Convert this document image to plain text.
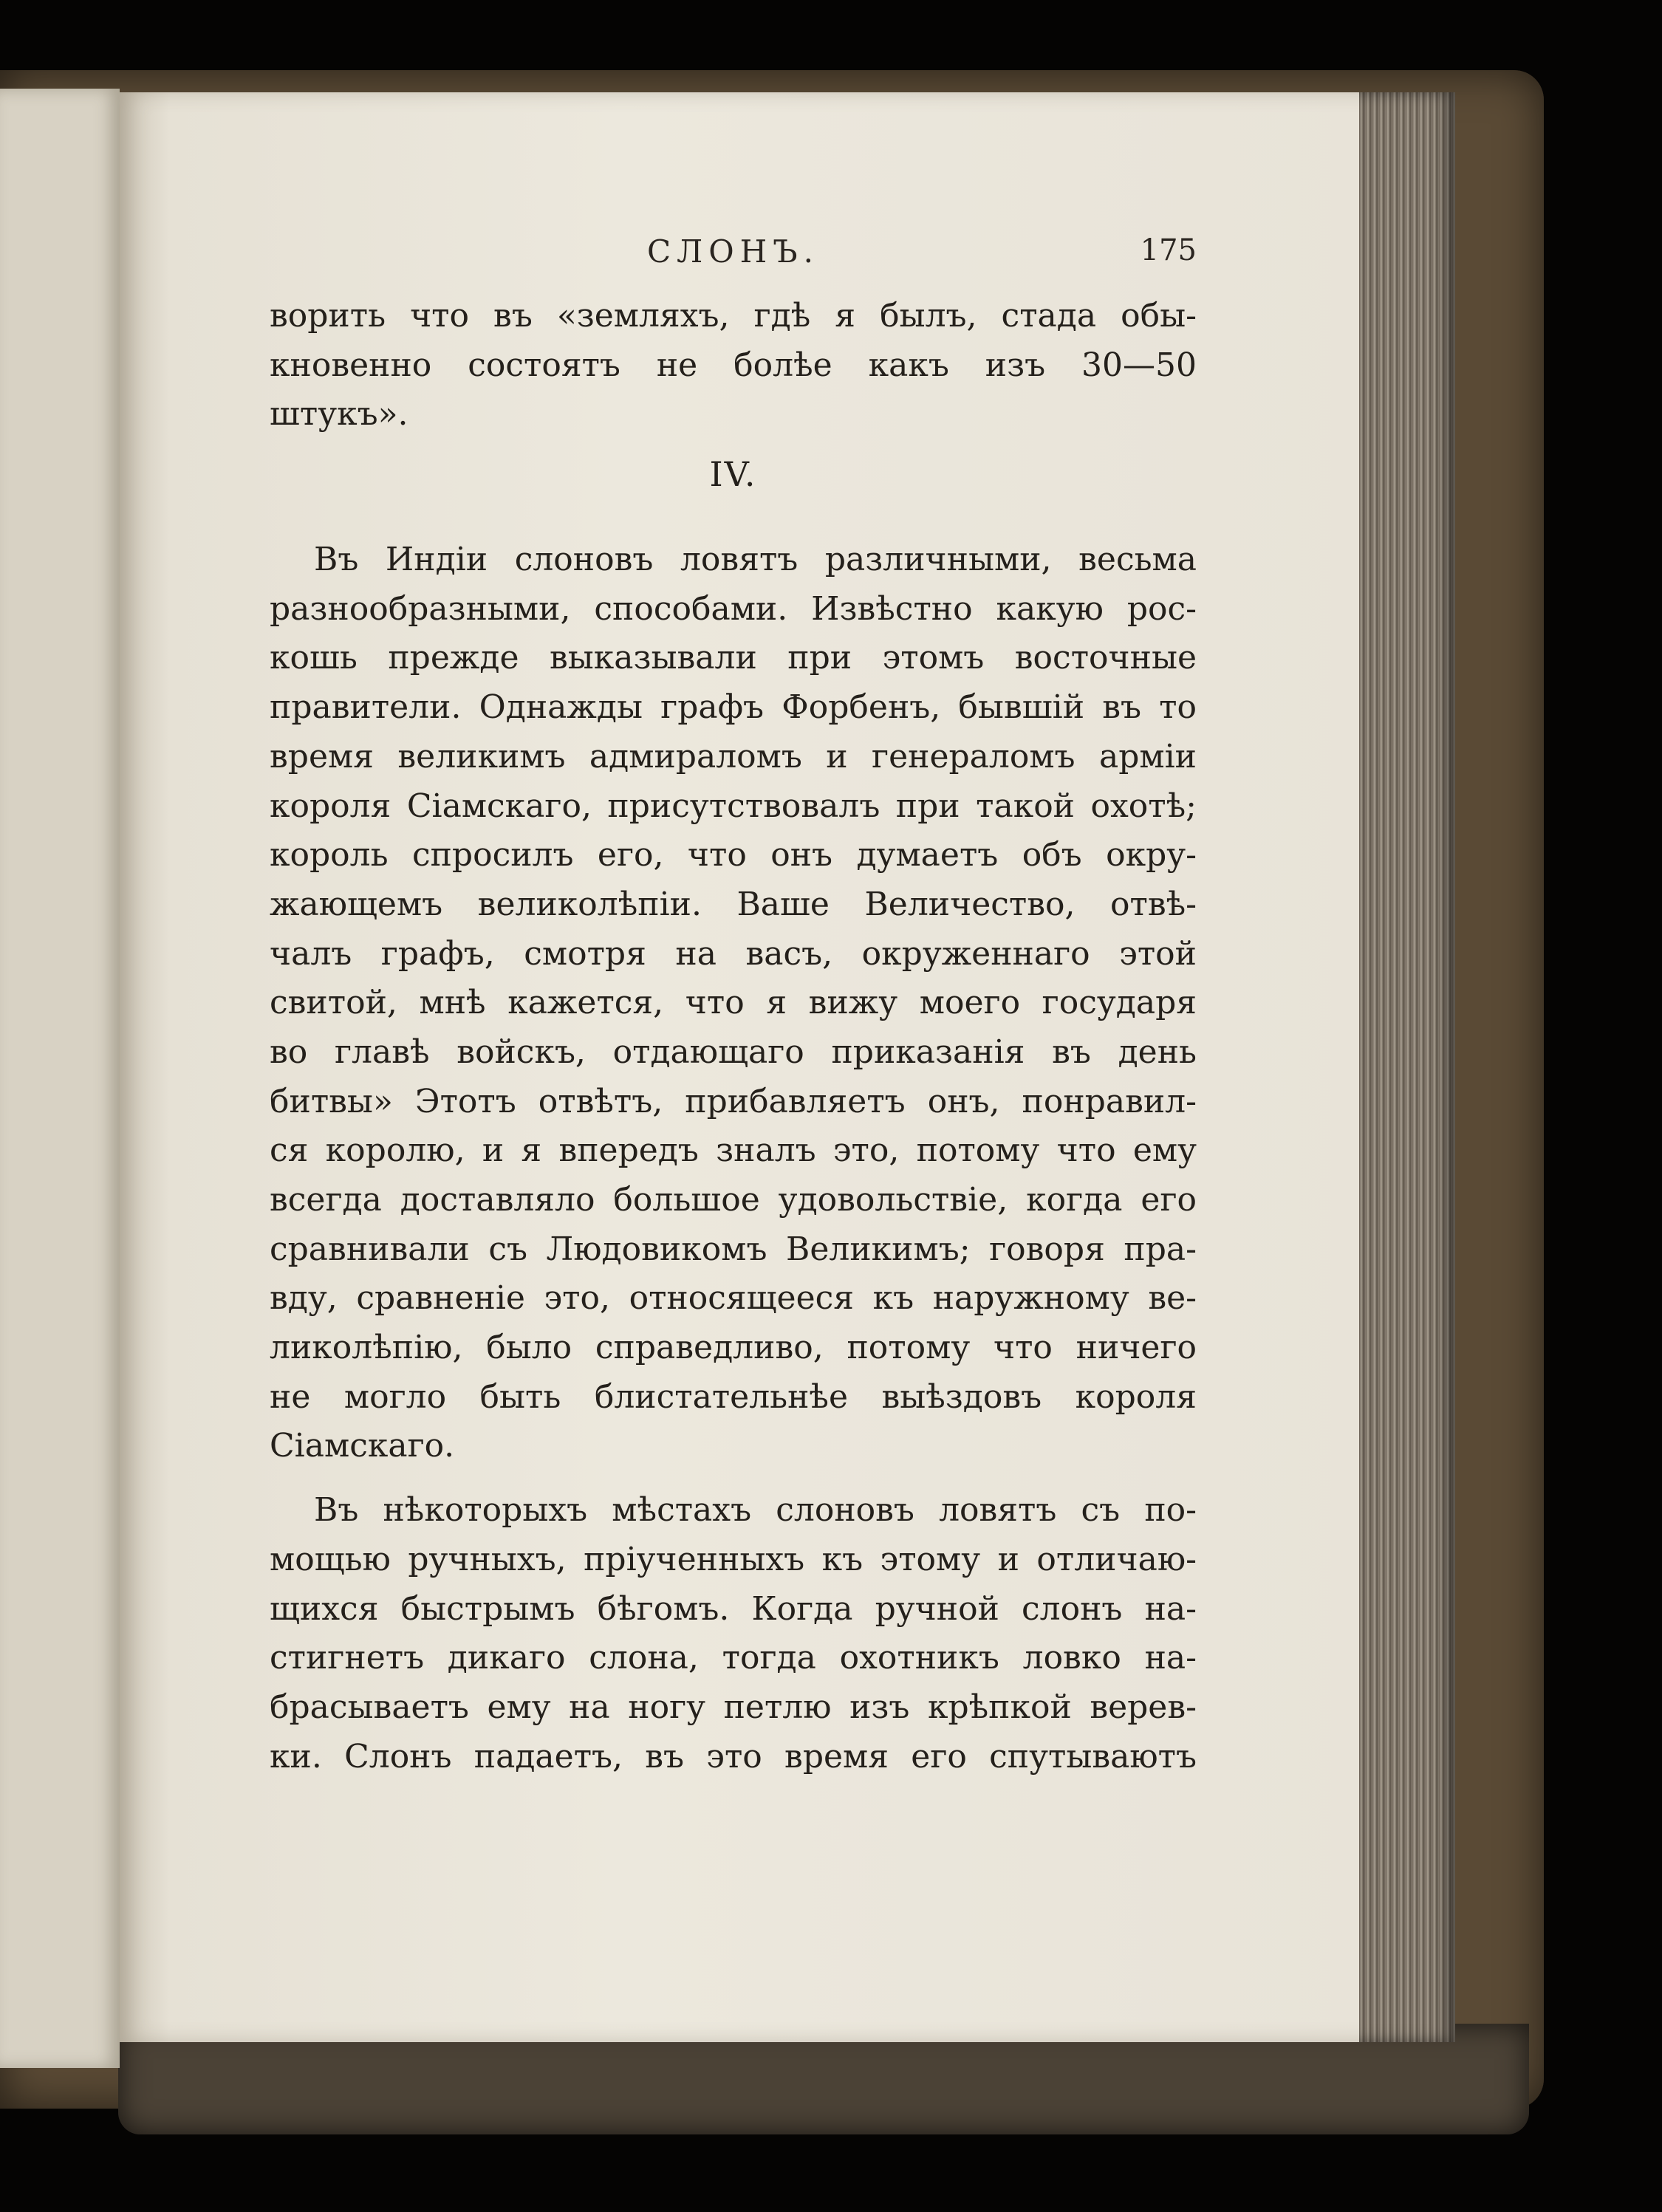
СЛОНЪ.	175
ворить что въ «земляхъ, гдѣ я былъ, стада обы-
кновенно состоятъ не болѣе какъ изъ 30—50
штукъ».
IV.
Въ Индіи слоновъ ловятъ различными, весьма
разнообразными, способами. Извѣстно какую рос-
кошь прежде выказывали при этомъ восточные
правители. Однажды графъ Форбенъ, бывшій въ то
время великимъ адмираломъ и генераломъ арміи
короля Сіамскаго, присутствовалъ при такой охотѣ;
король спросилъ его, что онъ думаетъ объ окру-
жающемъ великолѣпіи. Ваше Величество, отвѣ-
чалъ графъ, смотря на васъ, окруженнаго этой
свитой, мнѣ кажется, что я вижу моего государя
во главѣ войскъ, отдающаго приказанія въ день
битвы» Этотъ отвѣтъ, прибавляетъ онъ, понравил-
ся королю, и я впередъ зналъ это, потому что ему
всегда доставляло большое удовольствіе, когда его
сравнивали съ Людовикомъ Великимъ; говоря пра-
вду, сравненіе это, относящееся къ наружному ве-
ликолѣпію, было справедливо, потому что ничего
не могло быть блистательнѣе выѣздовъ короля
Сіамскаго.
Въ нѣкоторыхъ мѣстахъ слоновъ ловятъ съ по-
мощью ручныхъ, пріученныхъ къ этому и отличаю-
щихся быстрымъ бѣгомъ. Когда ручной слонъ на-
стигнетъ дикаго слона, тогда охотникъ ловко на-
брасываетъ ему на ногу петлю изъ крѣпкой верев-
ки. Слонъ падаетъ, въ это время его спутываютъ
